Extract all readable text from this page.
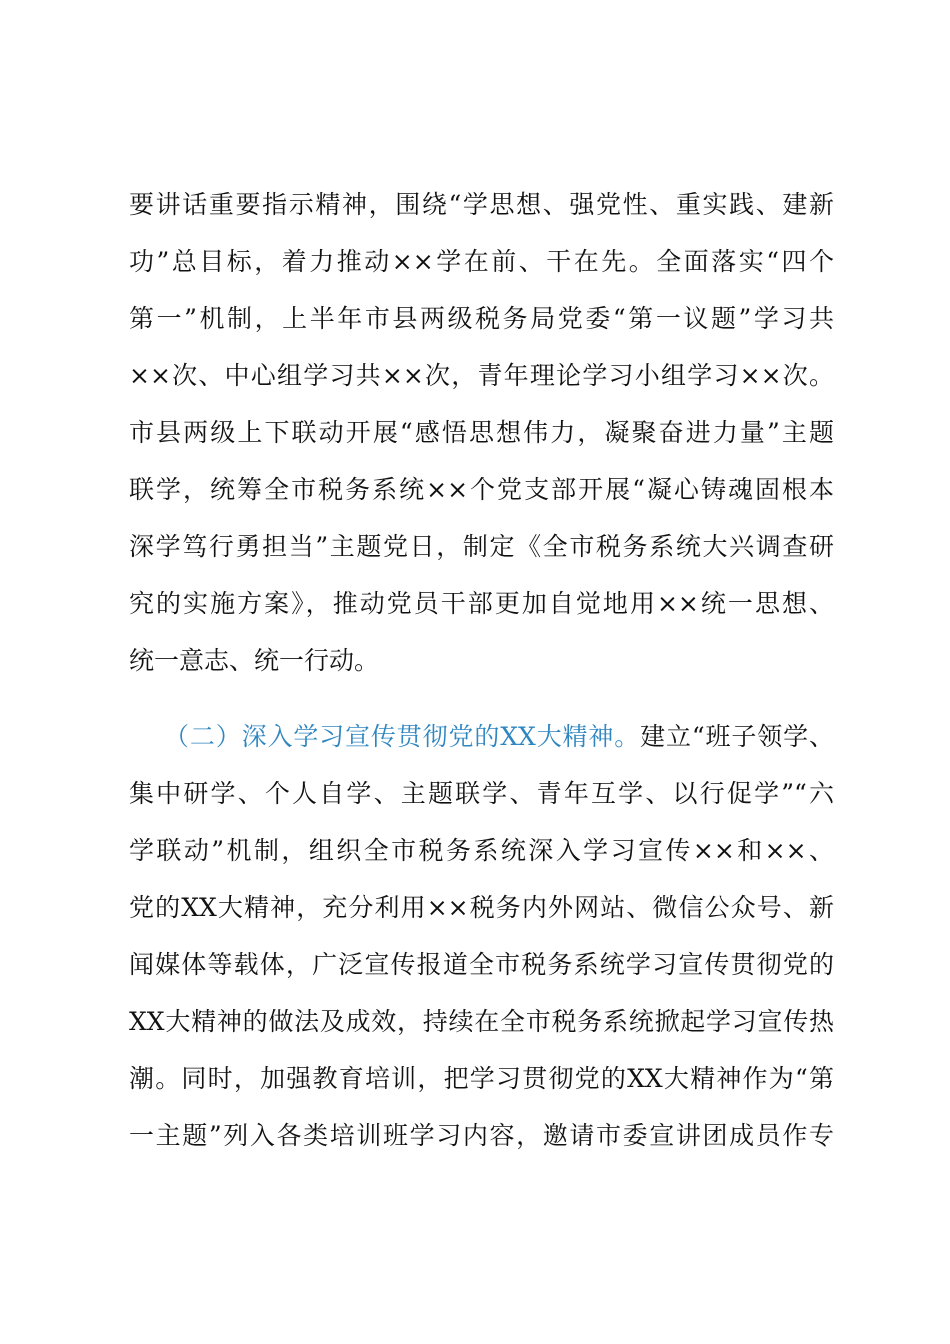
要讲话重要指示精神，围绕“学思想、强党性、重实践、建新
功”总目标，着力推动××学在前、干在先。全面落实“四个
第一”机制，上半年市县两级税务局党委“第一议题”学习共
××次、中心组学习共××次，青年理论学习小组学习××次。
市县两级上下联动开展“感悟思想伟力，凝聚奋进力量”主题
联学，统筹全市税务系统××个党支部开展“凝心铸魂固根本
深学笃行勇担当”主题党日，制定《全市税务系统大兴调查研
究的实施方案》，推动党员干部更加自觉地用××统一思想、
统一意志、统一行动。
（二）深入学习宣传贯彻党的XX大精神。建立“班子领学、
集中研学、个人自学、主题联学、青年互学、以行促学”“六
学联动”机制，组织全市税务系统深入学习宣传××和××、
党的XX大精神，充分利用××税务内外网站、微信公众号、新
闻媒体等载体，广泛宣传报道全市税务系统学习宣传贯彻党的
XX大精神的做法及成效，持续在全市税务系统掀起学习宣传热
潮。同时，加强教育培训，把学习贯彻党的XX大精神作为“第
一主题”列入各类培训班学习内容，邀请市委宣讲团成员作专
